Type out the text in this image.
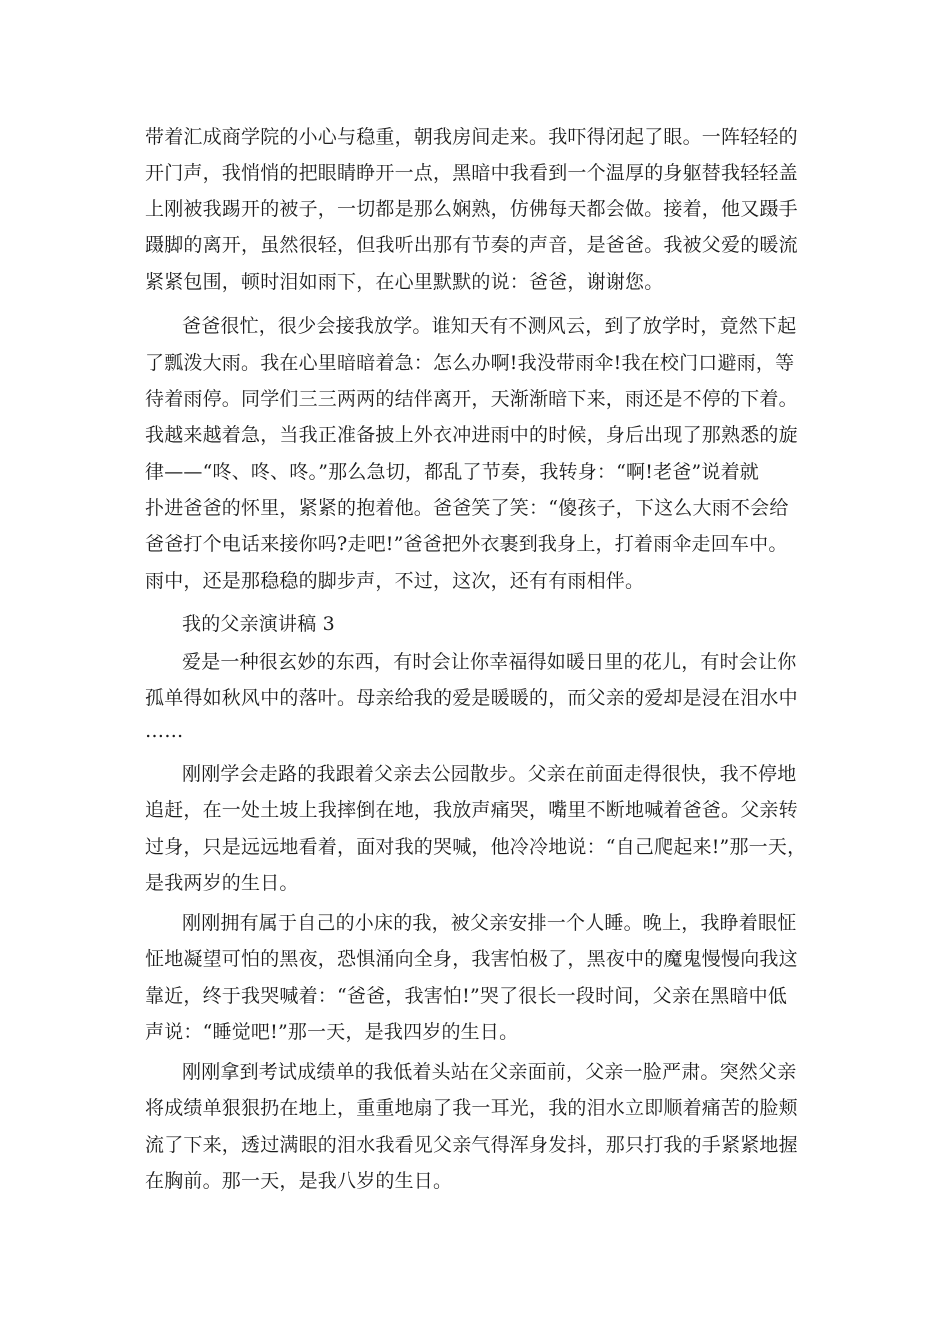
带着汇成商学院的小心与稳重，朝我房间走来。我吓得闭起了眼。一阵轻轻的
开门声，我悄悄的把眼睛睁开一点，黑暗中我看到一个温厚的身躯替我轻轻盖
上刚被我踢开的被子，一切都是那么娴熟，仿佛每天都会做。接着，他又蹑手
蹑脚的离开，虽然很轻，但我听出那有节奏的声音，是爸爸。我被父爱的暖流
紧紧包围，顿时泪如雨下，在心里默默的说：爸爸，谢谢您。
爸爸很忙，很少会接我放学。谁知天有不测风云，到了放学时，竟然下起
了瓢泼大雨。我在心里暗暗着急：怎么办啊!我没带雨伞!我在校门口避雨，等
待着雨停。同学们三三两两的结伴离开，天渐渐暗下来，雨还是不停的下着。
我越来越着急，当我正准备披上外衣冲进雨中的时候，身后出现了那熟悉的旋
律——“咚、咚、咚。”那么急切，都乱了节奏，我转身：“啊!老爸”说着就
扑进爸爸的怀里，紧紧的抱着他。爸爸笑了笑：“傻孩子，下这么大雨不会给
爸爸打个电话来接你吗?走吧!”爸爸把外衣裹到我身上，打着雨伞走回车中。
雨中，还是那稳稳的脚步声，不过，这次，还有有雨相伴。
我的父亲演讲稿 3
爱是一种很玄妙的东西，有时会让你幸福得如暖日里的花儿，有时会让你
孤单得如秋风中的落叶。母亲给我的爱是暖暖的，而父亲的爱却是浸在泪水中
……
刚刚学会走路的我跟着父亲去公园散步。父亲在前面走得很快，我不停地
追赶，在一处土坡上我摔倒在地，我放声痛哭，嘴里不断地喊着爸爸。父亲转
过身，只是远远地看着，面对我的哭喊，他冷冷地说：“自己爬起来!”那一天，
是我两岁的生日。
刚刚拥有属于自己的小床的我，被父亲安排一个人睡。晚上，我睁着眼怔
怔地凝望可怕的黑夜，恐惧涌向全身，我害怕极了，黑夜中的魔鬼慢慢向我这
靠近，终于我哭喊着：“爸爸，我害怕!”哭了很长一段时间，父亲在黑暗中低
声说：“睡觉吧!”那一天，是我四岁的生日。
刚刚拿到考试成绩单的我低着头站在父亲面前，父亲一脸严肃。突然父亲
将成绩单狠狠扔在地上，重重地扇了我一耳光，我的泪水立即顺着痛苦的脸颊
流了下来，透过满眼的泪水我看见父亲气得浑身发抖，那只打我的手紧紧地握
在胸前。那一天，是我八岁的生日。
